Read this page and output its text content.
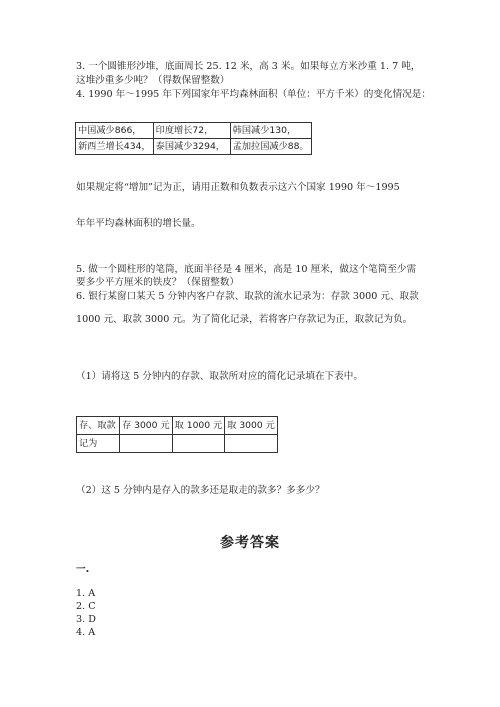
3. 一个圆锥形沙堆，底面周长 25. 12 米，高 3 米。如果每立方米沙重 1. 7 吨，
这堆沙重多少吨？（得数保留整数）
4. 1990 年～1995 年下列国家年平均森林面积（单位：平方千米）的变化情况是：
中国减少866，	印度增长72，	韩国减少130，
新西兰增长434，	泰国减少3294，	孟加拉国减少88。
如果规定将“增加”记为正，请用正数和负数表示这六个国家 1990 年～1995
年年平均森林面积的增长量。
5. 做一个圆柱形的笔筒，底面半径是 4 厘米，高是 10 厘米，做这个笔筒至少需
要多少平方厘米的铁皮？（保留整数）
6. 银行某窗口某天 5 分钟内客户存款、取款的流水记录为：存款 3000 元、取款
1000 元、取款 3000 元。为了简化记录，若将客户存款记为正，取款记为负。
（1）请将这 5 分钟内的存款、取款所对应的简化记录填在下表中。
存、取款	存 3000 元	取 1000 元	取 3000 元
记为			
（2）这 5 分钟内是存入的款多还是取走的款多？多多少？
参考答案
一.
1. A
2. C
3. D
4. A
